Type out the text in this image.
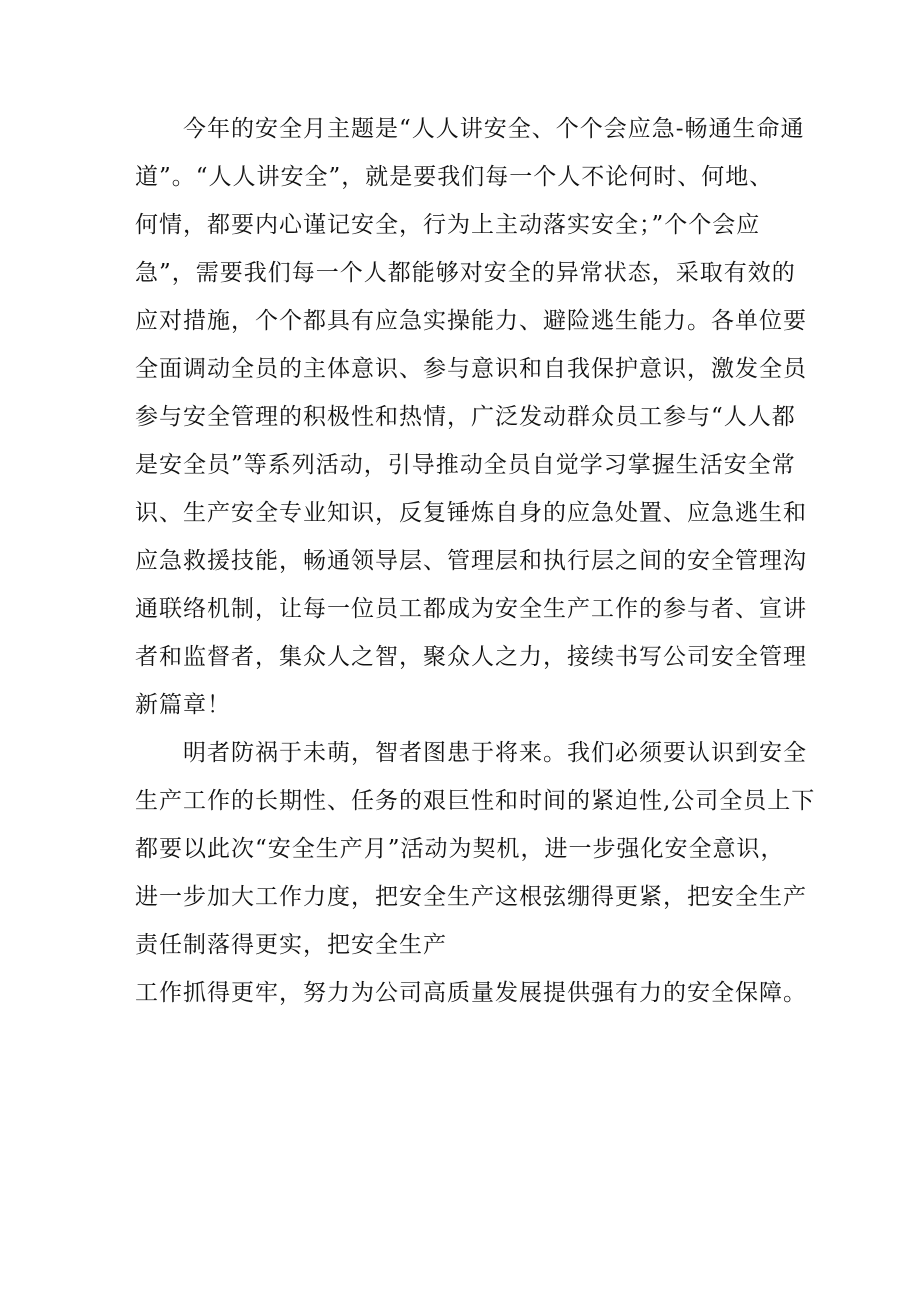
今年的安全月主题是“人人讲安全、个个会应急-畅通生命通

道”。“人人讲安全”，就是要我们每一个人不论何时、何地、

何情，都要内心谨记安全，行为上主动落实安全；”个个会应

急”，需要我们每一个人都能够对安全的异常状态，采取有效的

应对措施，个个都具有应急实操能力、避险逃生能力。各单位要

全面调动全员的主体意识、参与意识和自我保护意识，激发全员

参与安全管理的积极性和热情，广泛发动群众员工参与“人人都

是安全员”等系列活动，引导推动全员自觉学习掌握生活安全常

识、生产安全专业知识，反复锤炼自身的应急处置、应急逃生和

应急救援技能，畅通领导层、管理层和执行层之间的安全管理沟

通联络机制，让每一位员工都成为安全生产工作的参与者、宣讲

者和监督者，集众人之智，聚众人之力，接续书写公司安全管理

新篇章！

明者防祸于未萌，智者图患于将来。我们必须要认识到安全

生产工作的长期性、任务的艰巨性和时间的紧迫性,公司全员上下

都要以此次“安全生产月”活动为契机，进一步强化安全意识，

进一步加大工作力度，把安全生产这根弦绷得更紧，把安全生产

责任制落得更实，把安全生产

工作抓得更牢，努力为公司高质量发展提供强有力的安全保障。
